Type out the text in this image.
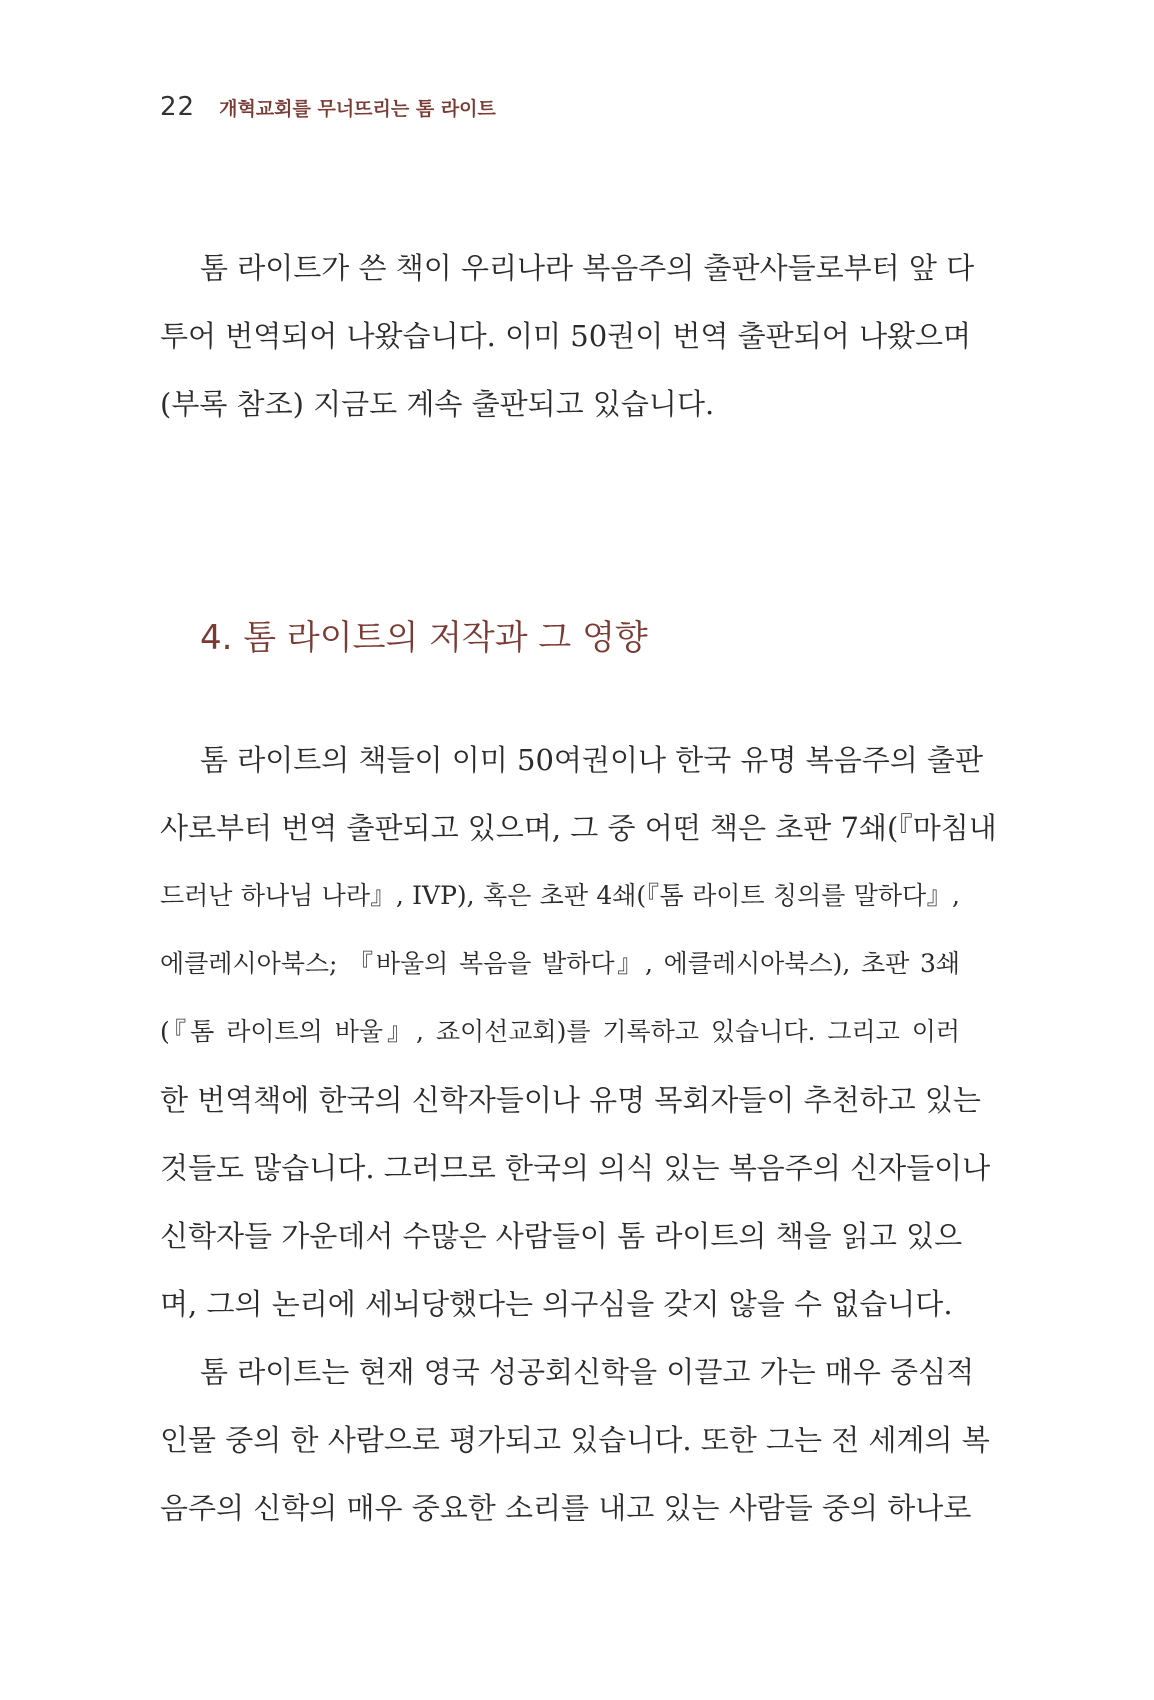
22 개혁교회를 무너뜨리는 톰 라이트
톰 라이트가 쓴 책이 우리나라 복음주의 출판사들로부터 앞 다
투어 번역되어 나왔습니다. 이미 50권이 번역 출판되어 나왔으며
(부록 참조) 지금도 계속 출판되고 있습니다.
4. 톰 라이트의 저작과 그 영향
톰 라이트의 책들이 이미 50여권이나 한국 유명 복음주의 출판
사로부터 번역 출판되고 있으며, 그 중 어떤 책은 초판 7쇄(『마침내
드러난 하나님 나라』, IVP), 혹은 초판 4쇄(『톰 라이트 칭의를 말하다』,
에클레시아북스; 『바울의 복음을 발하다』, 에클레시아북스), 초판 3쇄
(『톰 라이트의 바울』, 죠이선교회)를 기록하고 있습니다. 그리고 이러
한 번역책에 한국의 신학자들이나 유명 목회자들이 추천하고 있는
것들도 많습니다. 그러므로 한국의 의식 있는 복음주의 신자들이나
신학자들 가운데서 수많은 사람들이 톰 라이트의 책을 읽고 있으
며, 그의 논리에 세뇌당했다는 의구심을 갖지 않을 수 없습니다.
톰 라이트는 현재 영국 성공회신학을 이끌고 가는 매우 중심적
인물 중의 한 사람으로 평가되고 있습니다. 또한 그는 전 세계의 복
음주의 신학의 매우 중요한 소리를 내고 있는 사람들 중의 하나로
